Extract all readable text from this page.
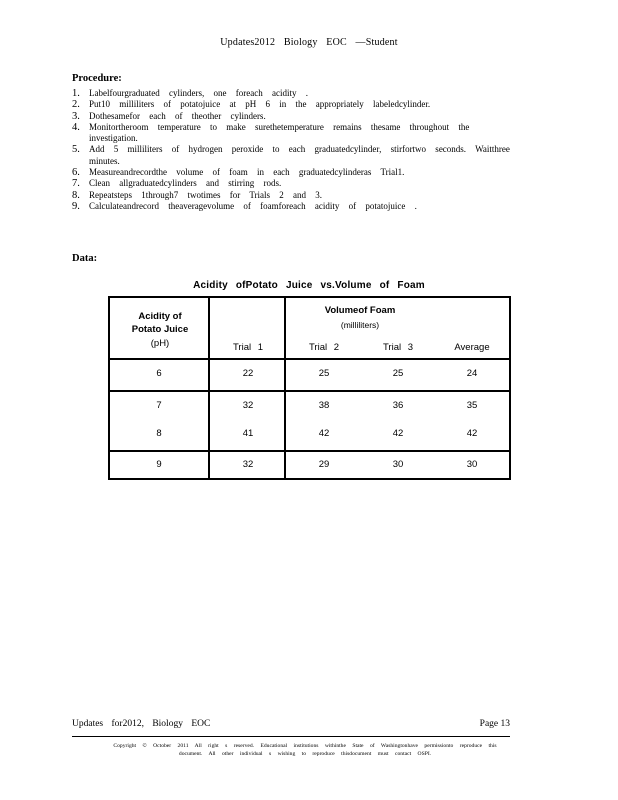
Updates2012 Biology EOC —Student
Procedure:
1.	Labelfourgraduated cylinders, one foreach acidity .
2.	Put10 milliliters of potatojuice at pH 6 in the appropriately labeledcylinder.
3.	Dothesamefor each of theother cylinders.
4.	Monitortheroom temperature to make surethetemperature remains thesame throughout the investigation.
5.	Add 5 milliliters of hydrogen peroxide to each graduatedcylinder, stirfortwo seconds. Waitthree minutes.
6.	Measureandrecordthe volume of foam in each graduatedcylinderas Trial1.
7.	Clean allgraduatedcylinders and stirring rods.
8.	Repeatsteps 1through7 twotimes for Trials 2 and 3.
9.	Calculateandrecord theaveragevolume of foamforeach acidity of potatojuice .
Data:
Acidity ofPotato Juice vs.Volume of Foam
Acidity of
Potato Juice
(pH)
Volumeof Foam
(milliliters)
Trial 1	Trial 2	Trial 3	Average
6	22	25	25	24
7	32	38	36	35
8	41	42	42	42
9	32	29	30	30
Updates for2012, Biology EOC	Page 13
Copyright © October 2011 All right s reserved. Educational institutions withinthe State of Washingtonhave permissionto reproduce this
document. All other individual s wishing to reproduce thisdocument must contact OSPI.
